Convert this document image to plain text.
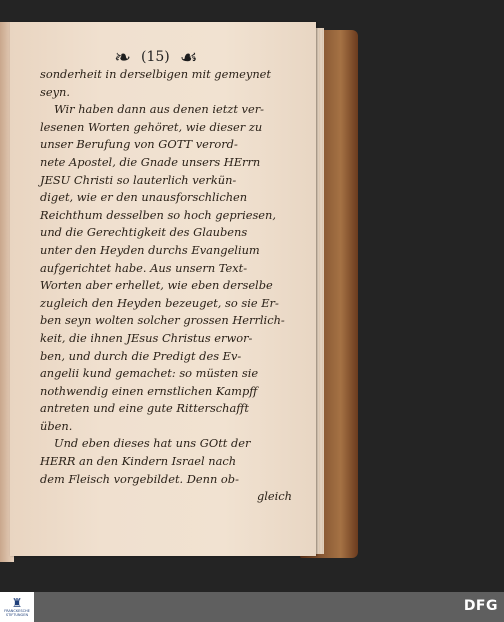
❧ (15) ☙
sonderheit in derselbigen mit gemeynet
seyn.
Wir haben dann aus denen ietzt ver-
lesenen Worten gehöret, wie dieser zu
unser Berufung von GOTT verord-
nete Apostel, die Gnade unsers HErrn
JESU Christi so lauterlich verkün-
diget, wie er den unausforschlichen
Reichthum desselben so hoch gepriesen,
und die Gerechtigkeit des Glaubens
unter den Heyden durchs Evangelium
aufgerichtet habe. Aus unsern Text-
Worten aber erhellet, wie eben derselbe
zugleich den Heyden bezeuget, so sie Er-
ben seyn wolten solcher grossen Herrlich-
keit, die ihnen JEsus Christus erwor-
ben, und durch die Predigt des Ev-
angelii kund gemachet: so müsten sie
nothwendig einen ernstlichen Kampff
antreten und eine gute Ritterschafft
üben.
Und eben dieses hat uns GOtt der
HERR an den Kindern Israel nach
dem Fleisch vorgebildet. Denn ob-
gleich
♜
FRANCKESCHE STIFTUNGEN
DFG
